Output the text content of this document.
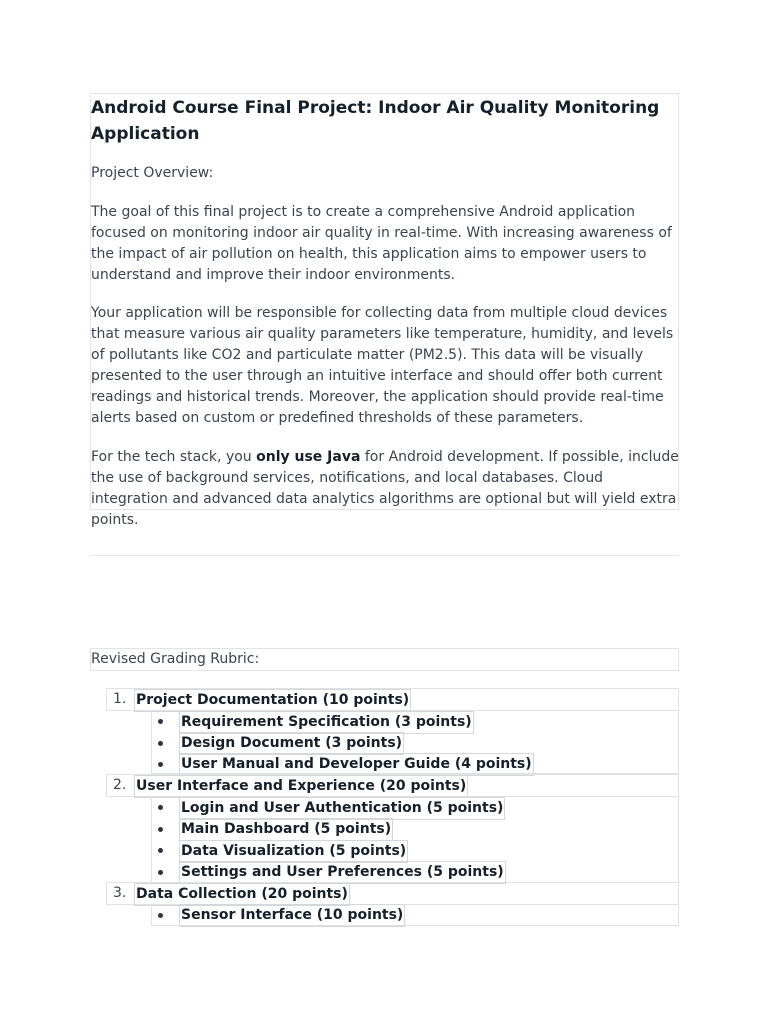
Android Course Final Project: Indoor Air Quality Monitoring Application

Project Overview:

The goal of this final project is to create a comprehensive Android application focused on monitoring indoor air quality in real-time. With increasing awareness of the impact of air pollution on health, this application aims to empower users to understand and improve their indoor environments.

Your application will be responsible for collecting data from multiple cloud devices that measure various air quality parameters like temperature, humidity, and levels of pollutants like CO2 and particulate matter (PM2.5). This data will be visually presented to the user through an intuitive interface and should offer both current readings and historical trends. Moreover, the application should provide real-time alerts based on custom or predefined thresholds of these parameters.

For the tech stack, you only use Java for Android development. If possible, include the use of background services, notifications, and local databases. Cloud integration and advanced data analytics algorithms are optional but will yield extra points.

Revised Grading Rubric:

1. Project Documentation (10 points)
Requirement Specification (3 points)
Design Document (3 points)
User Manual and Developer Guide (4 points)
2. User Interface and Experience (20 points)
Login and User Authentication (5 points)
Main Dashboard (5 points)
Data Visualization (5 points)
Settings and User Preferences (5 points)
3. Data Collection (20 points)
Sensor Interface (10 points)
